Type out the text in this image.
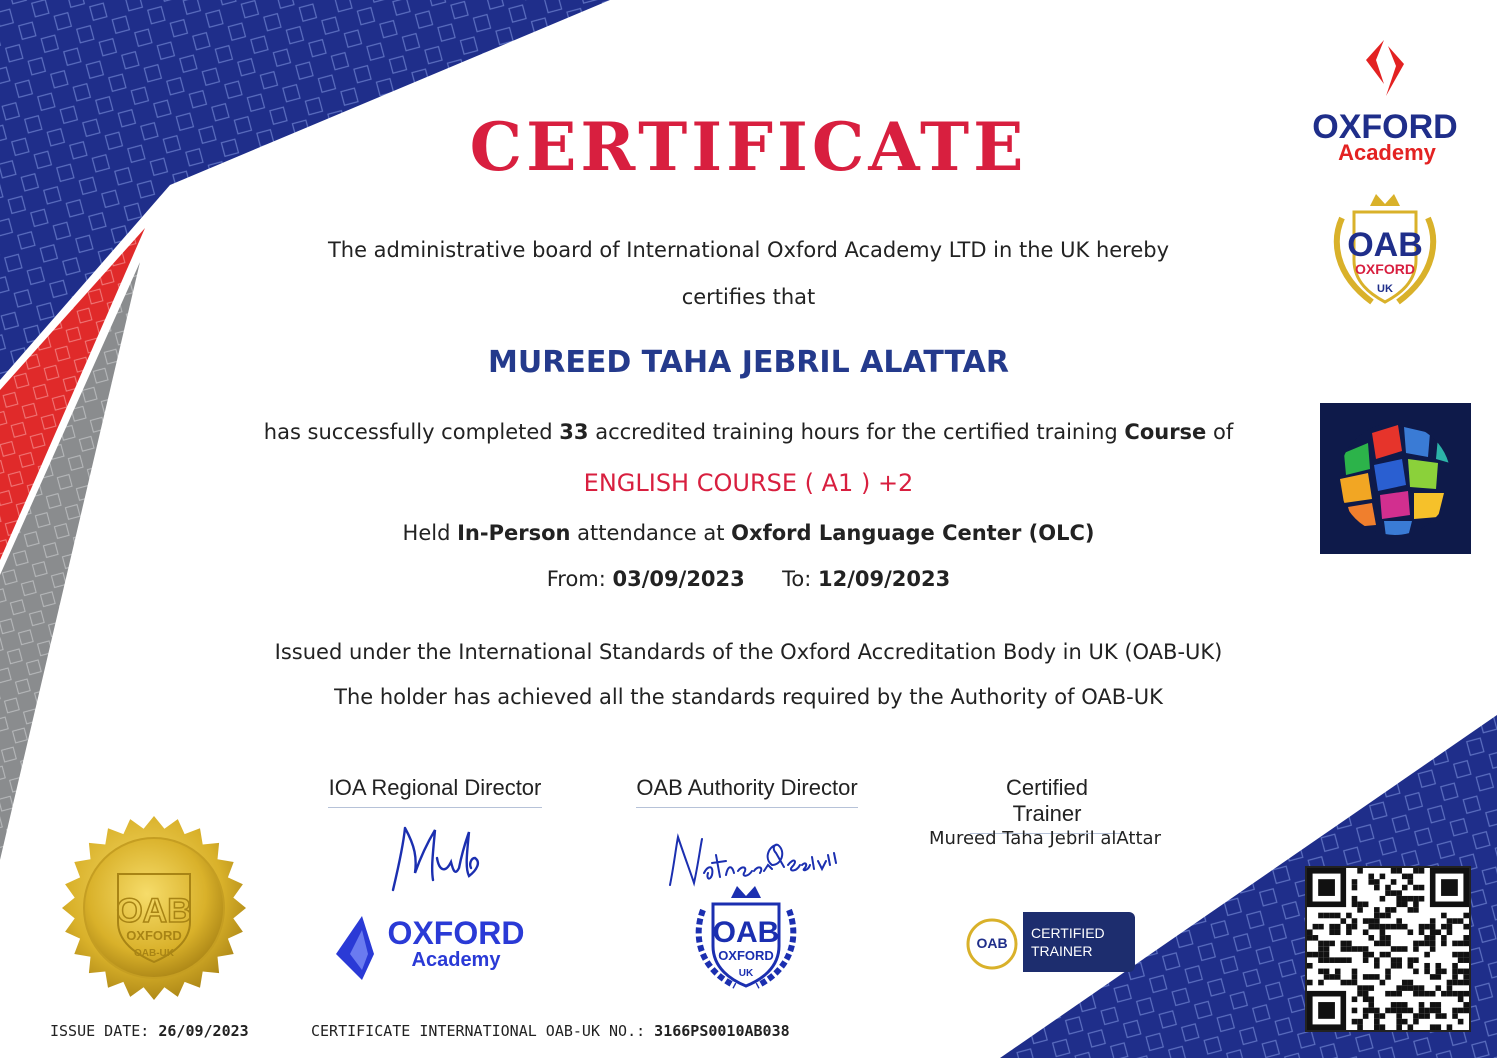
CERTIFICATE
The administrative board of International Oxford Academy LTD in the UK hereby
certifies that
MUREED TAHA JEBRIL ALATTAR
has successfully completed 33 accredited training hours for the certified training Course of
ENGLISH COURSE ( A1 ) +2
Held In-Person attendance at Oxford Language Center (OLC)
From: 03/09/2023 To: 12/09/2023
Issued under the International Standards of the Oxford Accreditation Body in UK (OAB-UK)
The holder has achieved all the standards required by the Authority of OAB-UK
IOA Regional Director	OAB Authority Director	Certified Trainer
Mureed Taha Jebril alAttar
OXFORD
Academy
OAB
OXFORD
UK
OAB
OXFORD
OAB-UK
OXFORD
Academy
OAB
OXFORD
UK
OAB
CERTIFIED
TRAINER
ISSUE DATE: 26/09/2023	CERTIFICATE INTERNATIONAL OAB-UK NO.: 3166PS0010AB038
